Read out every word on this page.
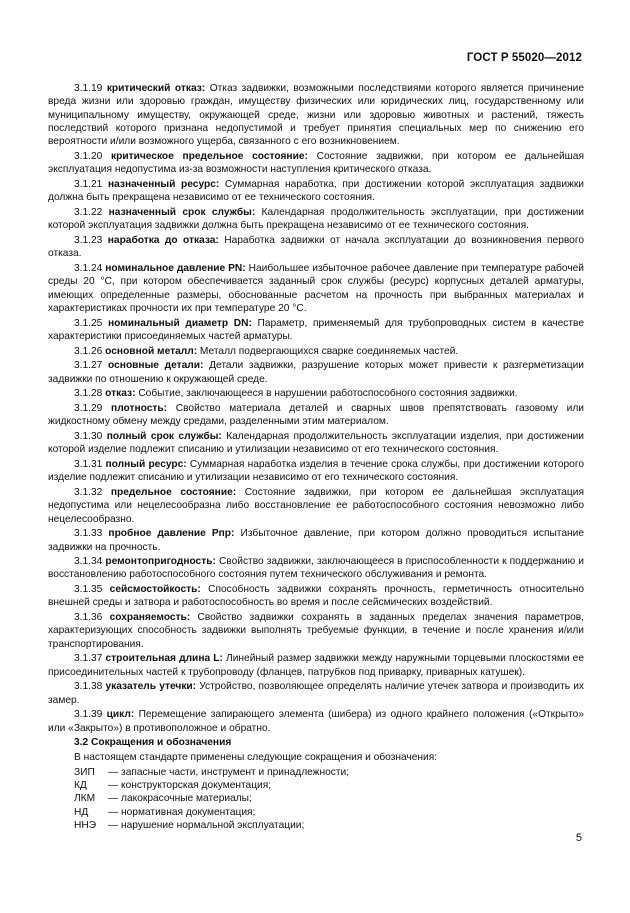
ГОСТ Р 55020—2012
3.1.19 критический отказ: Отказ задвижки, возможными последствиями которого является причинение вреда жизни или здоровью граждан, имуществу физических или юридических лиц, государственному или муниципальному имуществу, окружающей среде, жизни или здоровью животных и растений, тяжесть последствий которого признана недопустимой и требует принятия специальных мер по снижению его вероятности и/или возможного ущерба, связанного с его возникновением.
3.1.20 критическое предельное состояние: Состояние задвижки, при котором ее дальнейшая эксплуатация недопустима из-за возможности наступления критического отказа.
3.1.21 назначенный ресурс: Суммарная наработка, при достижении которой эксплуатация задвижки должна быть прекращена независимо от ее технического состояния.
3.1.22 назначенный срок службы: Календарная продолжительность эксплуатации, при достижении которой эксплуатация задвижки должна быть прекращена независимо от ее технического состояния.
3.1.23 наработка до отказа: Наработка задвижки от начала эксплуатации до возникновения первого отказа.
3.1.24 номинальное давление PN: Наибольшее избыточное рабочее давление при температуре рабочей среды 20 °С, при котором обеспечивается заданный срок службы (ресурс) корпусных деталей арматуры, имеющих определенные размеры, обоснованные расчетом на прочность при выбранных материалах и характеристиках прочности их при температуре 20 °С.
3.1.25 номинальный диаметр DN: Параметр, применяемый для трубопроводных систем в качестве характеристики присоединяемых частей арматуры.
3.1.26 основной металл: Металл подвергающихся сварке соединяемых частей.
3.1.27 основные детали: Детали задвижки, разрушение которых может привести к разгерметизации задвижки по отношению к окружающей среде.
3.1.28 отказ: Событие, заключающееся в нарушении работоспособного состояния задвижки.
3.1.29 плотность: Свойство материала деталей и сварных швов препятствовать газовому или жидкостному обмену между средами, разделенными этим материалом.
3.1.30 полный срок службы: Календарная продолжительность эксплуатации изделия, при достижении которой изделие подлежит списанию и утилизации независимо от его технического состояния.
3.1.31 полный ресурс: Суммарная наработка изделия в течение срока службы, при достижении которого изделие подлежит списанию и утилизации независимо от его технического состояния.
3.1.32 предельное состояние: Состояние задвижки, при котором ее дальнейшая эксплуатация недопустима или нецелесообразна либо восстановление ее работоспособного состояния невозможно либо нецелесообразно.
3.1.33 пробное давление Рпр: Избыточное давление, при котором должно проводиться испытание задвижки на прочность.
3.1.34 ремонтопригодность: Свойство задвижки, заключающееся в приспособленности к поддержанию и восстановлению работоспособного состояния путем технического обслуживания и ремонта.
3.1.35 сейсмостойкость: Способность задвижки сохранять прочность, герметичность относительно внешней среды и затвора и работоспособность во время и после сейсмических воздействий.
3.1.36 сохраняемость: Свойство задвижки сохранять в заданных пределах значения параметров, характеризующих способность задвижки выполнять требуемые функции, в течение и после хранения и/или транспортирования.
3.1.37 строительная длина L: Линейный размер задвижки между наружными торцевыми плоскостями ее присоединительных частей к трубопроводу (фланцев, патрубков под приварку, приварных катушек).
3.1.38 указатель утечки: Устройство, позволяющее определять наличие утечек затвора и производить их замер.
3.1.39 цикл: Перемещение запирающего элемента (шибера) из одного крайнего положения («Открыто» или «Закрыто») в противоположное и обратно.
3.2 Сокращения и обозначения
В настоящем стандарте применены следующие сокращения и обозначения:
ЗИП — запасные части, инструмент и принадлежности;
КД — конструкторская документация;
ЛКМ — лакокрасочные материалы;
НД — нормативная документация;
ННЭ — нарушение нормальной эксплуатации;
5
